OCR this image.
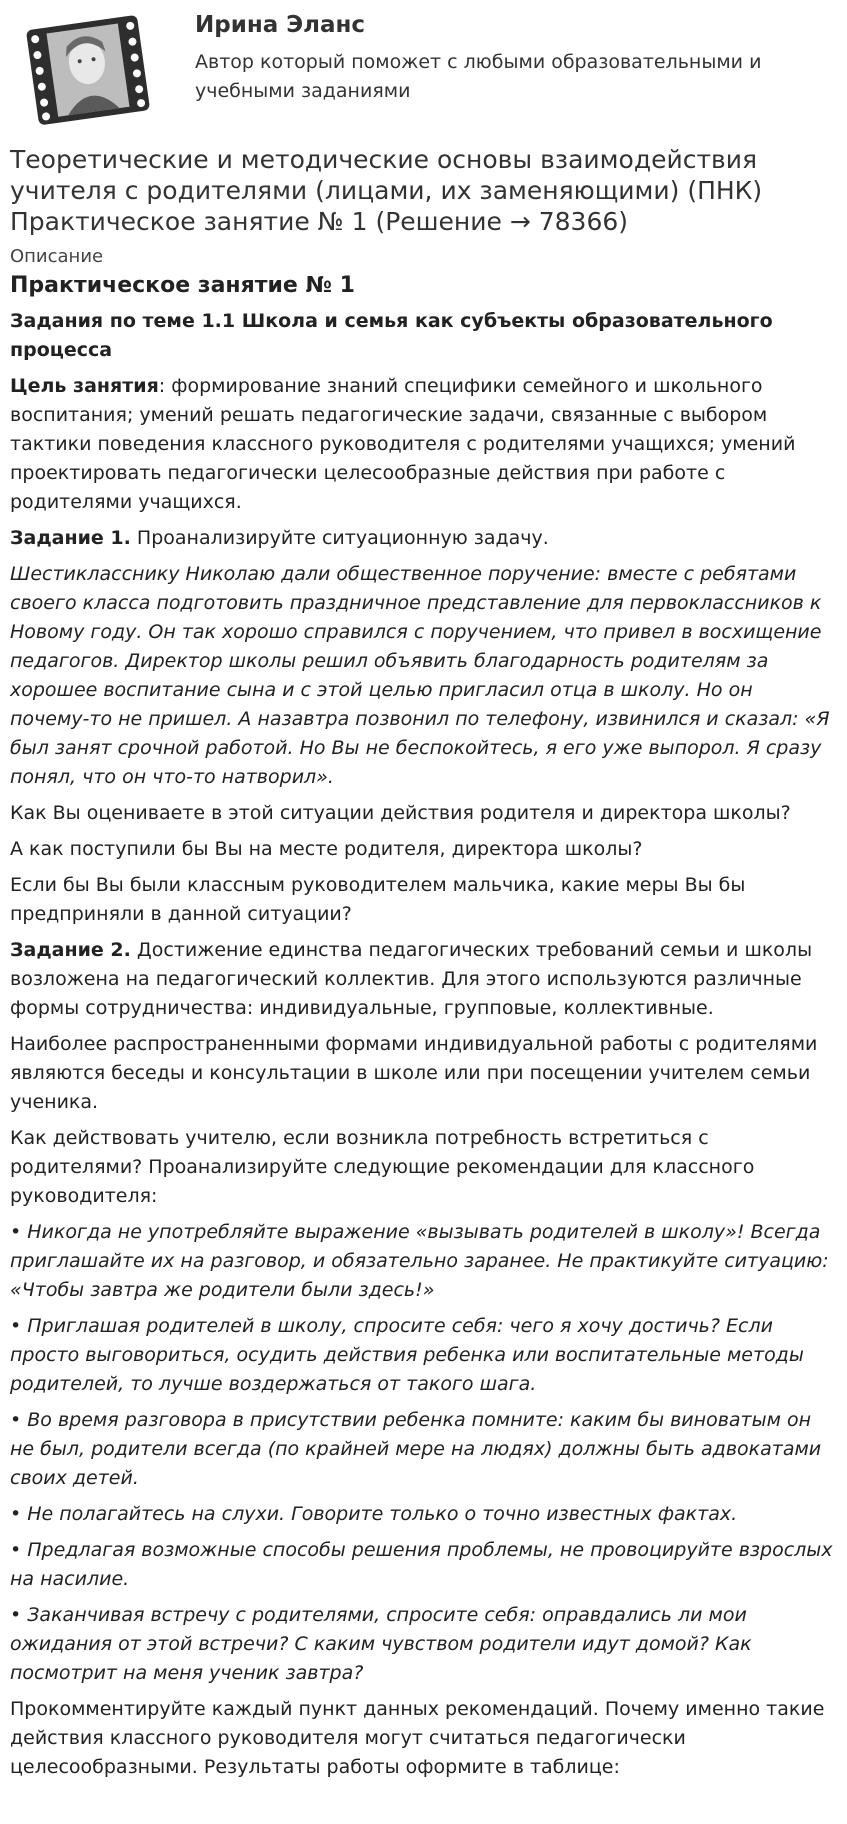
Ирина Эланс
Автор который поможет с любыми образовательными и учебными заданиями
Теоретические и методические основы взаимодействия учителя с родителями (лицами, их заменяющими) (ПНК) Практическое занятие № 1 (Решение → 78366)
Описание
Практическое занятие № 1
Задания по теме 1.1 Школа и семья как субъекты образовательного процесса

Цель занятия: формирование знаний специфики семейного и школьного воспитания; умений решать педагогические задачи, связанные с выбором тактики поведения классного руководителя с родителями учащихся; умений проектировать педагогически целесообразные действия при работе с родителями учащихся.

Задание 1. Проанализируйте ситуационную задачу.

Шестикласснику Николаю дали общественное поручение: вместе с ребятами своего класса подготовить праздничное представление для первоклассников к Новому году. Он так хорошо справился с поручением, что привел в восхищение педагогов. Директор школы решил объявить благодарность родителям за хорошее воспитание сына и с этой целью пригласил отца в школу. Но он почему-то не пришел. А назавтра позвонил по телефону, извинился и сказал: «Я был занят срочной работой. Но Вы не беспокойтесь, я его уже выпорол. Я сразу понял, что он что-то натворил».

Как Вы оцениваете в этой ситуации действия родителя и директора школы?

А как поступили бы Вы на месте родителя, директора школы?

Если бы Вы были классным руководителем мальчика, какие меры Вы бы предприняли в данной ситуации?

Задание 2. Достижение единства педагогических требований семьи и школы возложена на педагогический коллектив. Для этого используются различные формы сотрудничества: индивидуальные, групповые, коллективные.

Наиболее распространенными формами индивидуальной работы с родителями являются беседы и консультации в школе или при посещении учителем семьи ученика.

Как действовать учителю, если возникла потребность встретиться с родителями? Проанализируйте следующие рекомендации для классного руководителя:

• Никогда не употребляйте выражение «вызывать родителей в школу»! Всегда приглашайте их на разговор, и обязательно заранее. Не практикуйте ситуацию: «Чтобы завтра же родители были здесь!»

• Приглашая родителей в школу, спросите себя: чего я хочу достичь? Если просто выговориться, осудить действия ребенка или воспитательные методы родителей, то лучше воздержаться от такого шага.

• Во время разговора в присутствии ребенка помните: каким бы виноватым он не был, родители всегда (по крайней мере на людях) должны быть адвокатами своих детей.

• Не полагайтесь на слухи. Говорите только о точно известных фактах.

• Предлагая возможные способы решения проблемы, не провоцируйте взрослых на насилие.

• Заканчивая встречу с родителями, спросите себя: оправдались ли мои ожидания от этой встречи? С каким чувством родители идут домой? Как посмотрит на меня ученик завтра?

Прокомментируйте каждый пункт данных рекомендаций. Почему именно такие действия классного руководителя могут считаться педагогически целесообразными. Результаты работы оформите в таблице:
